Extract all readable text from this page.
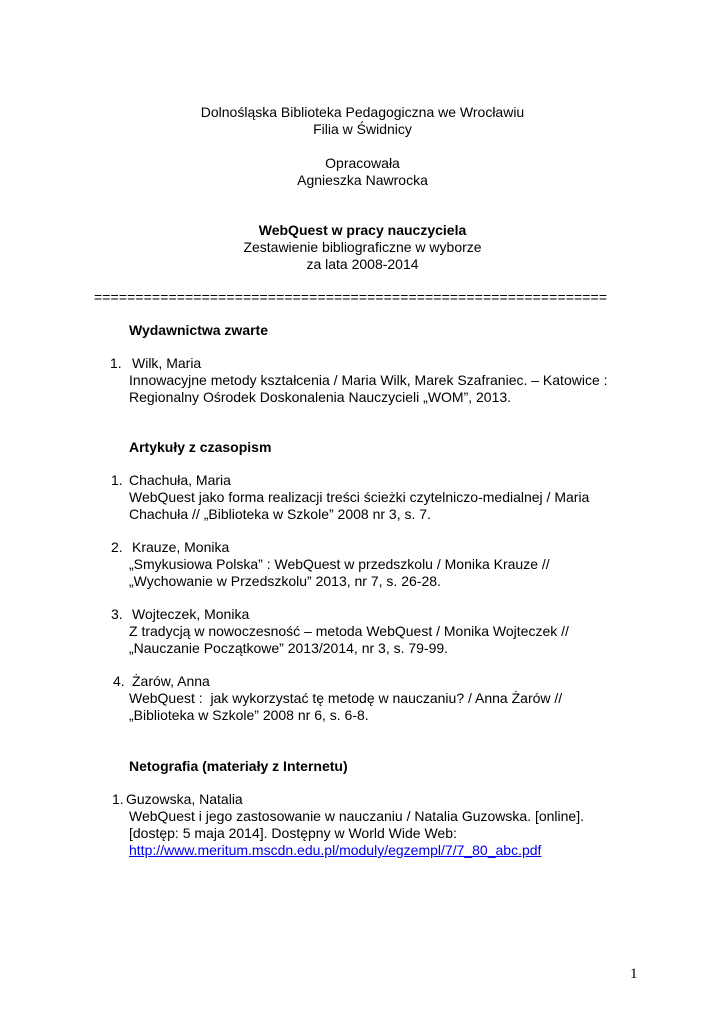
Dolnośląska Biblioteka Pedagogiczna we Wrocławiu
Filia w Świdnicy
Opracowała
Agnieszka Nawrocka
WebQuest w pracy nauczyciela
Zestawienie bibliograficzne w wyborze
za lata 2008-2014
==============================================================
Wydawnictwa zwarte
1. Wilk, Maria
Innowacyjne metody kształcenia / Maria Wilk, Marek Szafraniec. – Katowice :
Regionalny Ośrodek Doskonalenia Nauczycieli „WOM”, 2013.
Artykuły z czasopism
1. Chachuła, Maria
WebQuest jako forma realizacji treści ścieżki czytelniczo-medialnej / Maria
Chachuła // „Biblioteka w Szkole” 2008 nr 3, s. 7.
2. Krauze, Monika
„Smykusiowa Polska” : WebQuest w przedszkolu / Monika Krauze //
„Wychowanie w Przedszkolu” 2013, nr 7, s. 26-28.
3. Wojteczek, Monika
Z tradycją w nowoczesność – metoda WebQuest / Monika Wojteczek //
„Nauczanie Początkowe” 2013/2014, nr 3, s. 79-99.
4. Żarów, Anna
WebQuest :  jak wykorzystać tę metodę w nauczaniu? / Anna Żarów //
„Biblioteka w Szkole” 2008 nr 6, s. 6-8.
Netografia (materiały z Internetu)
1. Guzowska, Natalia
WebQuest i jego zastosowanie w nauczaniu / Natalia Guzowska. [online].
[dostęp: 5 maja 2014]. Dostępny w World Wide Web:
http://www.meritum.mscdn.edu.pl/moduly/egzempl/7/7_80_abc.pdf
1
